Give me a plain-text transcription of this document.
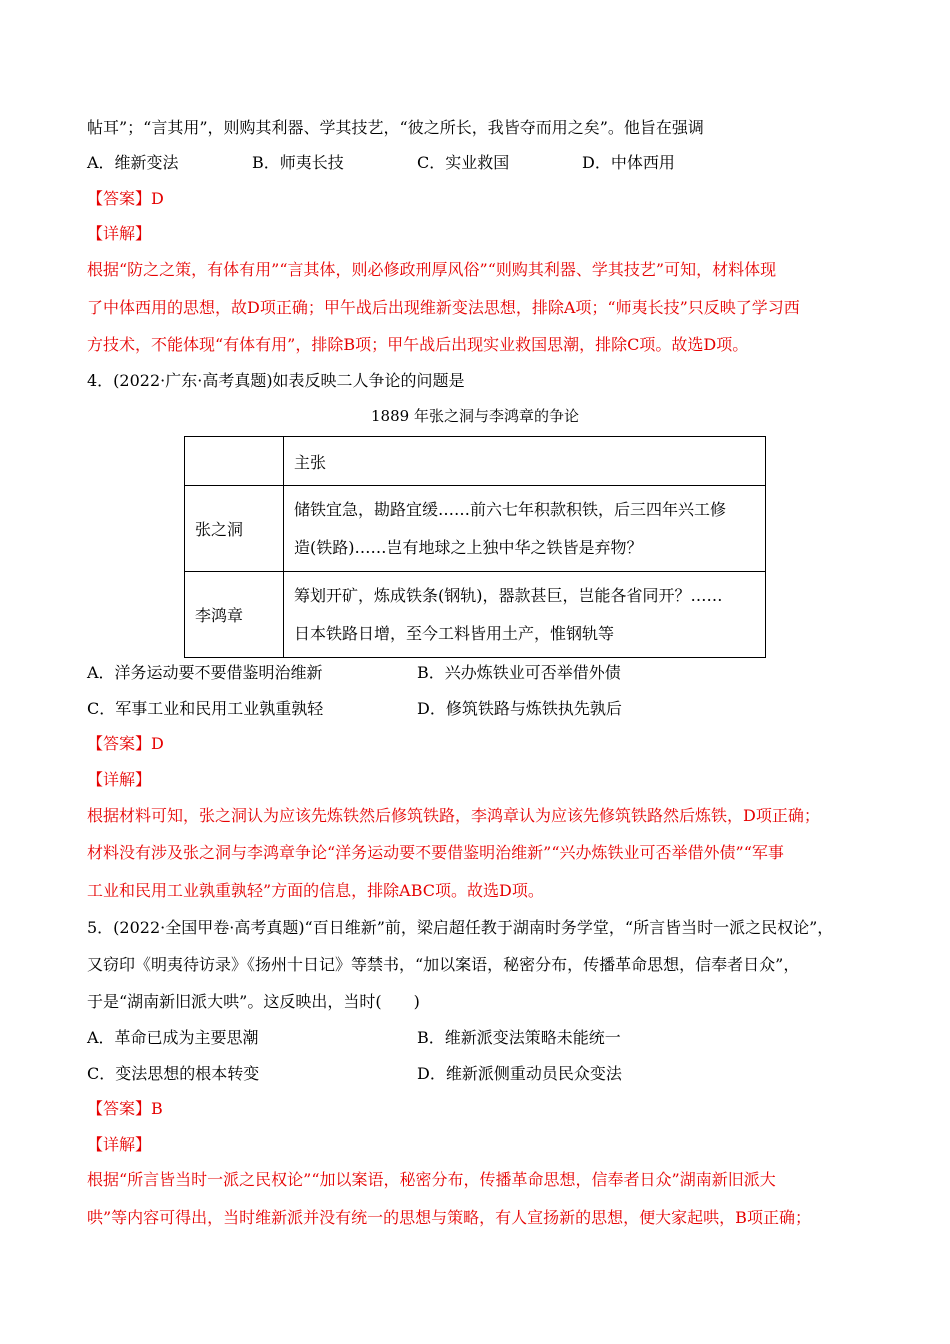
帖耳”；“言其用”，则购其利器、学其技艺，“彼之所长，我皆夺而用之矣”。他旨在强调
A．维新变法	B．师夷长技	C．实业救国	D．中体西用
【答案】D
【详解】
根据“防之之策，有体有用”“言其体，则必修政刑厚风俗”“则购其利器、学其技艺”可知，材料体现
了中体西用的思想，故D项正确；甲午战后出现维新变法思想，排除A项；“师夷长技”只反映了学习西
方技术，不能体现“有体有用”，排除B项；甲午战后出现实业救国思潮，排除C项。故选D项。
4．(2022·广东·高考真题)如表反映二人争论的问题是
1889 年张之洞与李鸿章的争论
	主张
张之洞	储铁宜急，勘路宜缓……前六七年积款积铁，后三四年兴工修
造(铁路)……岂有地球之上独中华之铁皆是弃物？

李鸿章	筹划开矿，炼成铁条(钢轨)，器款甚巨，岂能各省同开？……
日本铁路日增，至今工料皆用土产，惟钢轨等
A．洋务运动要不要借鉴明治维新	B．兴办炼铁业可否举借外债
C．军事工业和民用工业孰重孰轻	D．修筑铁路与炼铁执先孰后
【答案】D
【详解】
根据材料可知，张之洞认为应该先炼铁然后修筑铁路，李鸿章认为应该先修筑铁路然后炼铁，D项正确；
材料没有涉及张之洞与李鸿章争论“洋务运动要不要借鉴明治维新”“兴办炼铁业可否举借外债”“军事
工业和民用工业孰重孰轻”方面的信息，排除ABC项。故选D项。
5．(2022·全国甲卷·高考真题)“百日维新”前，梁启超任教于湖南时务学堂，“所言皆当时一派之民权论”，
又窃印《明夷待访录》《扬州十日记》等禁书，“加以案语，秘密分布，传播革命思想，信奉者日众”，
于是“湖南新旧派大哄”。这反映出，当时(　　)
A．革命已成为主要思潮	B．维新派变法策略未能统一
C．变法思想的根本转变	D．维新派侧重动员民众变法
【答案】B
【详解】
根据“所言皆当时一派之民权论”“加以案语，秘密分布，传播革命思想，信奉者日众”湖南新旧派大
哄”等内容可得出，当时维新派并没有统一的思想与策略，有人宣扬新的思想，便大家起哄，B项正确；
